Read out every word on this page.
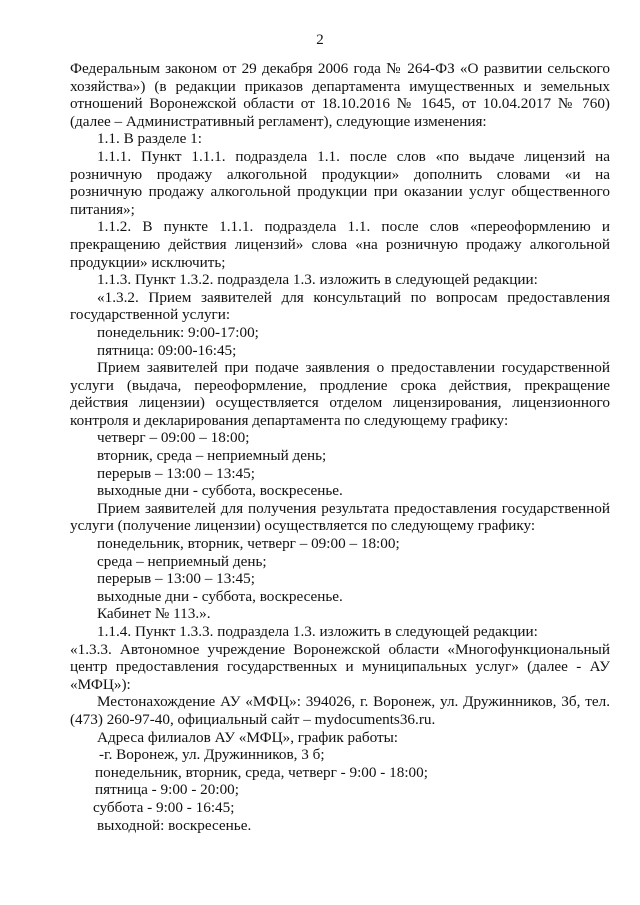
2
Федеральным законом от 29 декабря 2006 года № 264-ФЗ «О развитии сельского
хозяйства») (в редакции приказов департамента имущественных и земельных
отношений Воронежской области от 18.10.2016 № 1645, от 10.04.2017 № 760)
(далее – Административный регламент), следующие изменения:
1.1. В разделе 1:
1.1.1. Пункт 1.1.1. подраздела 1.1. после слов «по выдаче лицензий на
розничную продажу алкогольной продукции» дополнить словами «и на
розничную продажу алкогольной продукции при оказании услуг общественного
питания»;
1.1.2. В пункте 1.1.1. подраздела 1.1. после слов «переоформлению и
прекращению действия лицензий» слова «на розничную продажу алкогольной
продукции» исключить;
1.1.3. Пункт 1.3.2. подраздела 1.3. изложить в следующей редакции:
«1.3.2. Прием заявителей для консультаций по вопросам предоставления
государственной услуги:
понедельник: 9:00-17:00;
пятница: 09:00-16:45;
Прием заявителей при подаче заявления о предоставлении государственной
услуги (выдача, переоформление, продление срока действия, прекращение
действия лицензии) осуществляется отделом лицензирования, лицензионного
контроля и декларирования департамента по следующему графику:
четверг – 09:00 – 18:00;
вторник, среда – неприемный день;
перерыв – 13:00 – 13:45;
выходные дни - суббота, воскресенье.
Прием заявителей для получения результата предоставления государственной
услуги (получение лицензии) осуществляется по следующему графику:
понедельник, вторник, четверг – 09:00 – 18:00;
среда – неприемный день;
перерыв – 13:00 – 13:45;
выходные дни - суббота, воскресенье.
Кабинет № 113.».
1.1.4. Пункт 1.3.3. подраздела 1.3. изложить в следующей редакции:
«1.3.3. Автономное учреждение Воронежской области «Многофункциональный
центр предоставления государственных и муниципальных услуг» (далее - АУ
«МФЦ»):
Местонахождение АУ «МФЦ»: 394026, г. Воронеж, ул. Дружинников, 3б, тел.
(473) 260-97-40, официальный сайт – mydocuments36.ru.
Адреса филиалов АУ «МФЦ», график работы:
-г. Воронеж, ул. Дружинников, 3 б;
понедельник, вторник, среда, четверг - 9:00 - 18:00;
пятница - 9:00 - 20:00;
суббота - 9:00 - 16:45;
выходной: воскресенье.
